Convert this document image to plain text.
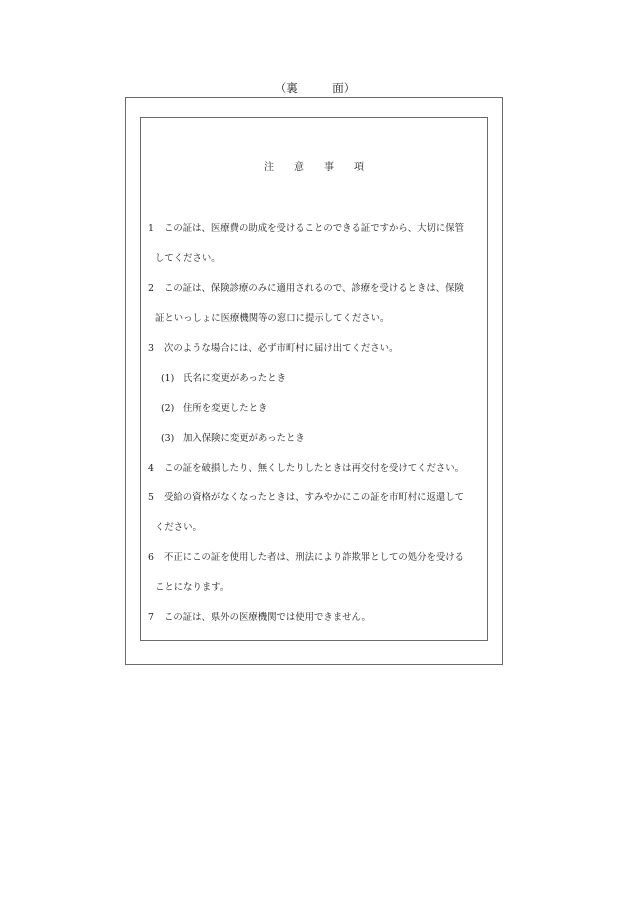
（裏　　　面）
注　　意　　事　　項
1 この証は、医療費の助成を受けることのできる証ですから、大切に保管
してください。
2 この証は、保険診療のみに適用されるので、診療を受けるときは、保険
証といっしょに医療機関等の窓口に提示してください。
3 次のような場合には、必ず市町村に届け出てください。
(1) 氏名に変更があったとき
(2) 住所を変更したとき
(3) 加入保険に変更があったとき
4 この証を破損したり、無くしたりしたときは再交付を受けてください。
5 受給の資格がなくなったときは、すみやかにこの証を市町村に返還して
ください。
6 不正にこの証を使用した者は、刑法により詐欺罪としての処分を受ける
ことになります。
7 この証は、県外の医療機関では使用できません。
